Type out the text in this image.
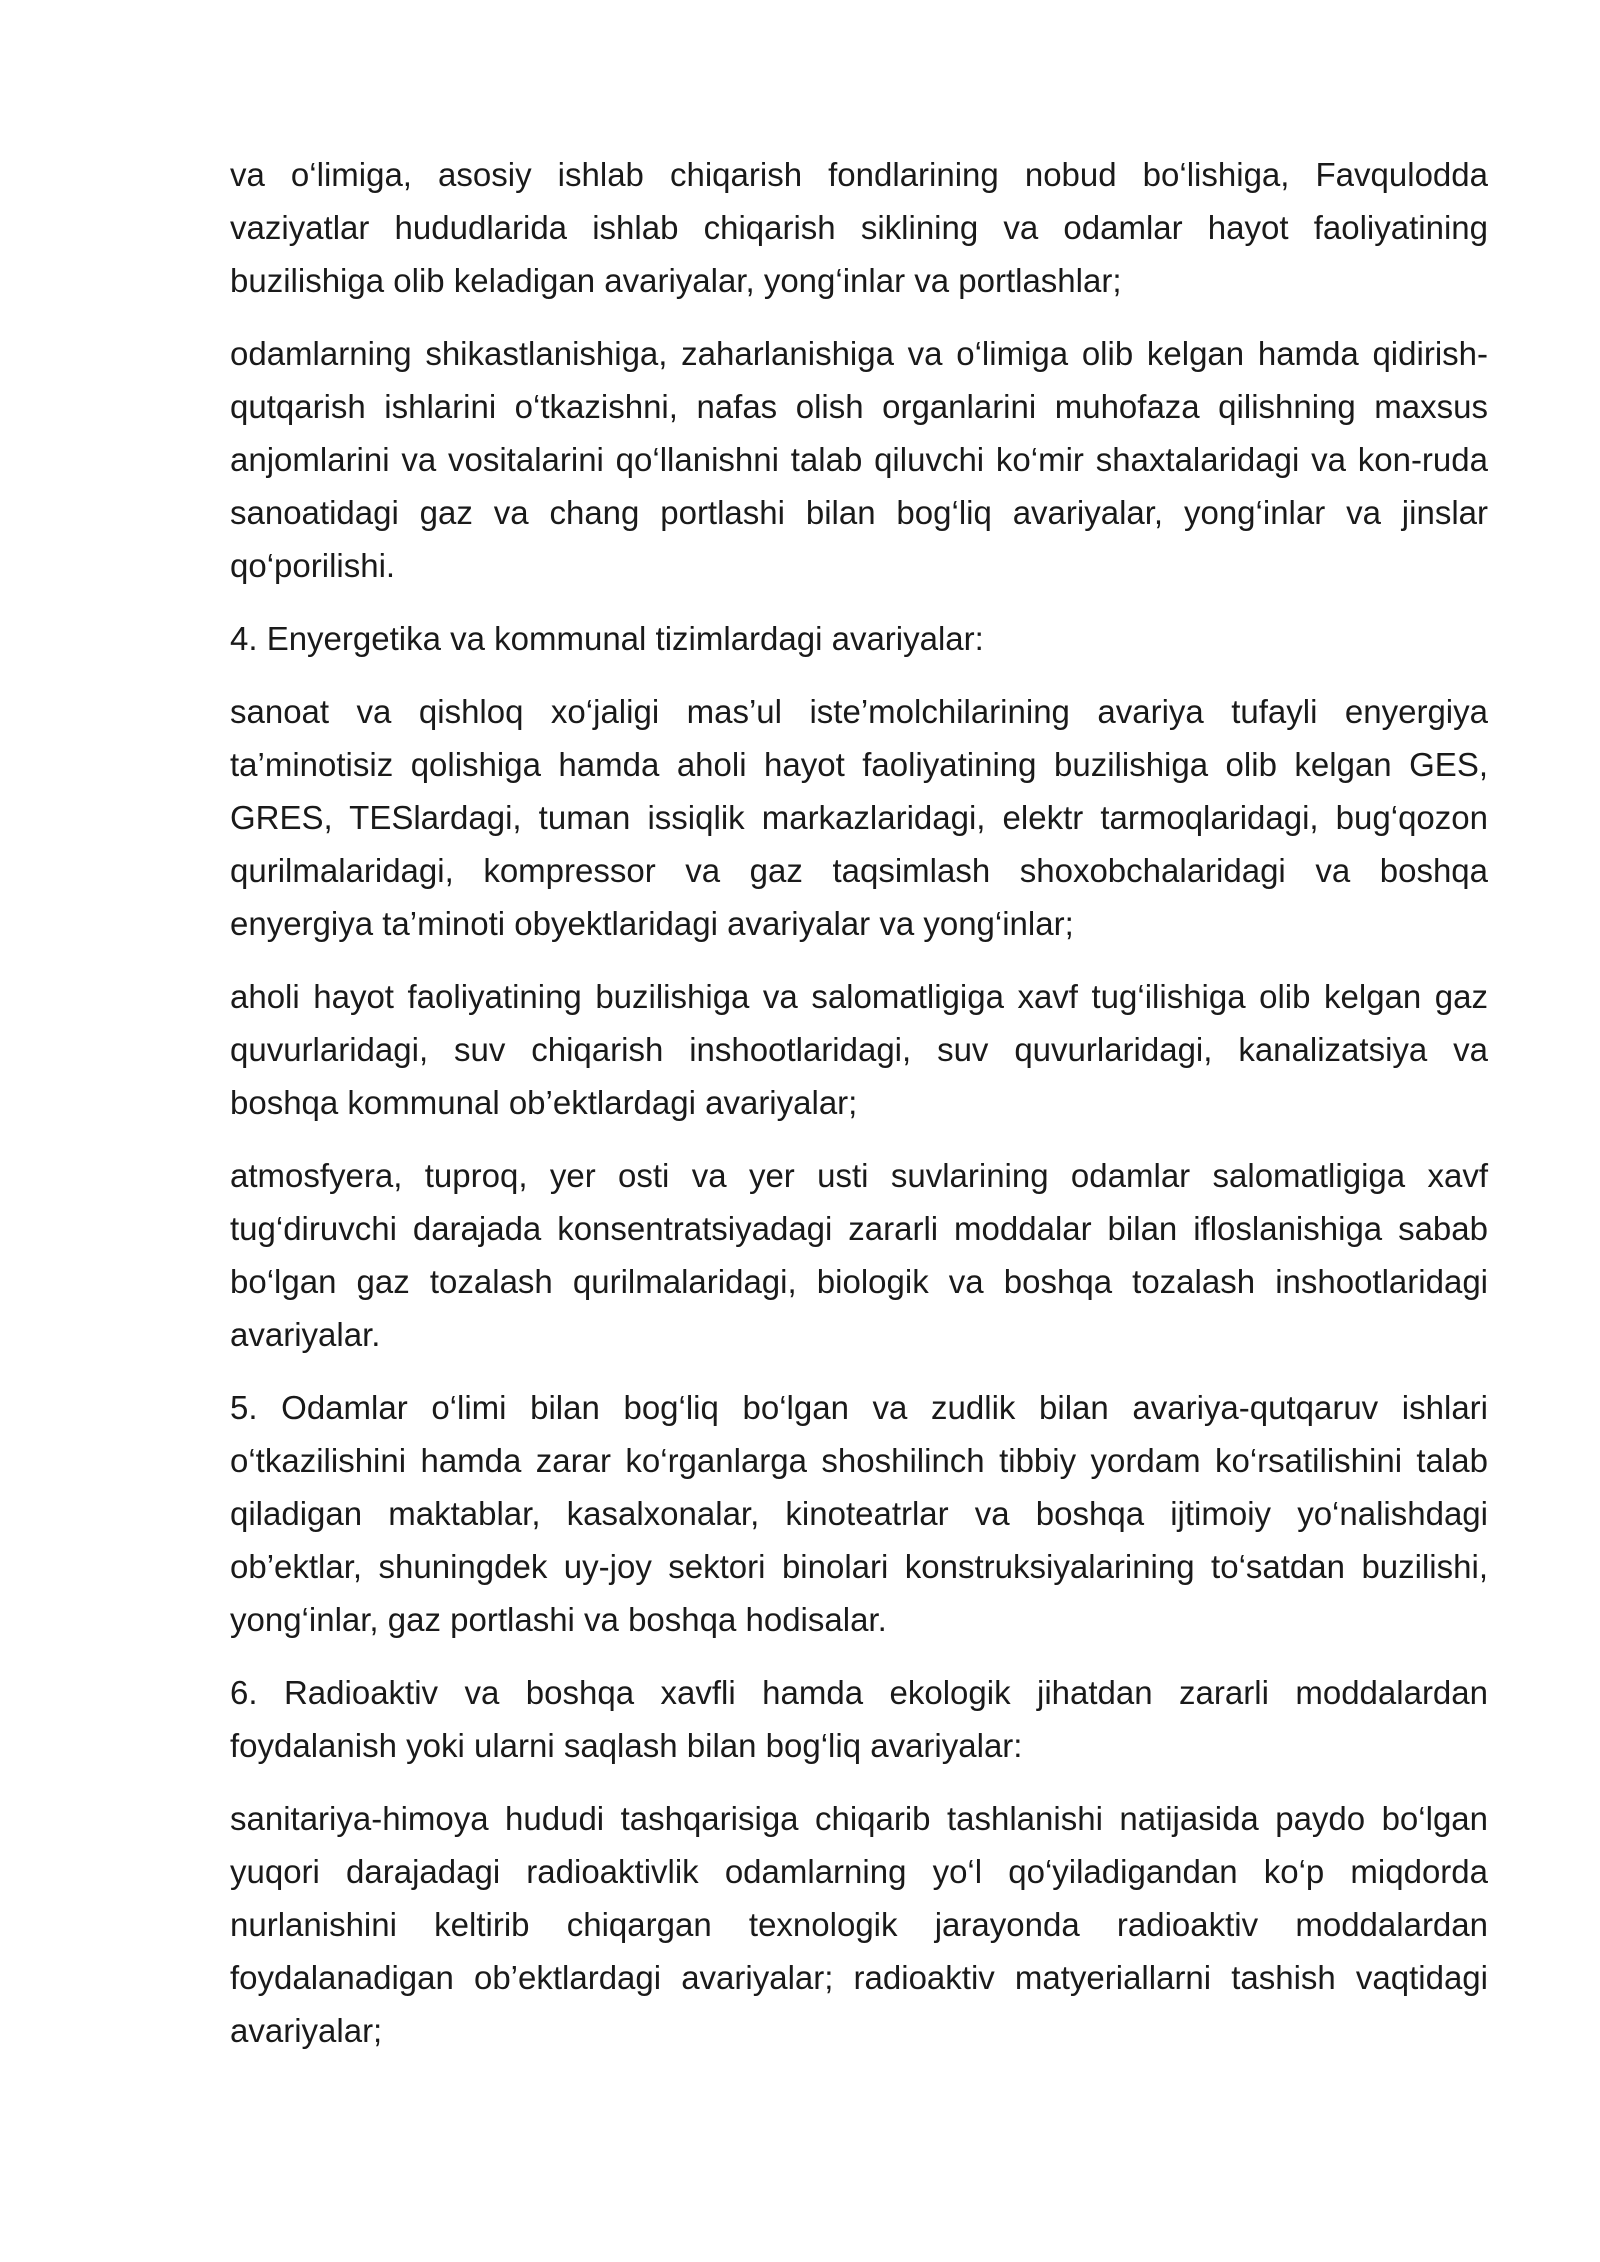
va o‘limiga, asosiy ishlab chiqarish fondlarining nobud bo‘lishiga, Favqulodda vaziyatlar hududlarida ishlab chiqarish siklining va odamlar hayot faoliyatining buzilishiga olib keladigan avariyalar, yong‘inlar va portlashlar;

odamlarning shikastlanishiga, zaharlanishiga va o‘limiga olib kelgan hamda qidirish-qutqarish ishlarini o‘tkazishni, nafas olish organlarini muhofaza qilishning maxsus anjomlarini va vositalarini qo‘llanishni talab qiluvchi ko‘mir shaxtalaridagi va kon-ruda sanoatidagi gaz va chang portlashi bilan bog‘liq avariyalar, yong‘inlar va jinslar qo‘porilishi.

4. Enyergetika va kommunal tizimlardagi avariyalar:

sanoat va qishloq xo‘jaligi mas’ul iste’molchilarining avariya tufayli enyergiya ta’minotisiz qolishiga hamda aholi hayot faoliyatining buzilishiga olib kelgan GES, GRES, TESlardagi, tuman issiqlik markazlaridagi, elektr tarmoqlaridagi, bug‘qozon qurilmalaridagi, kompressor va gaz taqsimlash shoxobchalaridagi va boshqa enyergiya ta’minoti obyektlaridagi avariyalar va yong‘inlar;

aholi hayot faoliyatining buzilishiga va salomatligiga xavf tug‘ilishiga olib kelgan gaz quvurlaridagi, suv chiqarish inshootlaridagi, suv quvurlaridagi, kanalizatsiya va boshqa kommunal ob’ektlardagi avariyalar;

atmosfyera, tuproq, yer osti va yer usti suvlarining odamlar salomatligiga xavf tug‘diruvchi darajada konsentratsiyadagi zararli moddalar bilan ifloslanishiga sabab bo‘lgan gaz tozalash qurilmalaridagi, biologik va boshqa tozalash inshootlaridagi avariyalar.

5. Odamlar o‘limi bilan bog‘liq bo‘lgan va zudlik bilan avariya-qutqaruv ishlari o‘tkazilishini hamda zarar ko‘rganlarga shoshilinch tibbiy yordam ko‘rsatilishini talab qiladigan maktablar, kasalxonalar, kinoteatrlar va boshqa ijtimoiy yo‘nalishdagi ob’ektlar, shuningdek uy-joy sektori binolari konstruksiyalarining to‘satdan buzilishi, yong‘inlar, gaz portlashi va boshqa hodisalar.

6. Radioaktiv va boshqa xavfli hamda ekologik jihatdan zararli moddalardan foydalanish yoki ularni saqlash bilan bog‘liq avariyalar:

sanitariya-himoya hududi tashqarisiga chiqarib tashlanishi natijasida paydo bo‘lgan yuqori darajadagi radioaktivlik odamlarning yo‘l qo‘yiladigandan ko‘p miqdorda nurlanishini keltirib chiqargan texnologik jarayonda radioaktiv moddalardan foydalanadigan ob’ektlardagi avariyalar; radioaktiv matyeriallarni tashish vaqtidagi avariyalar;
